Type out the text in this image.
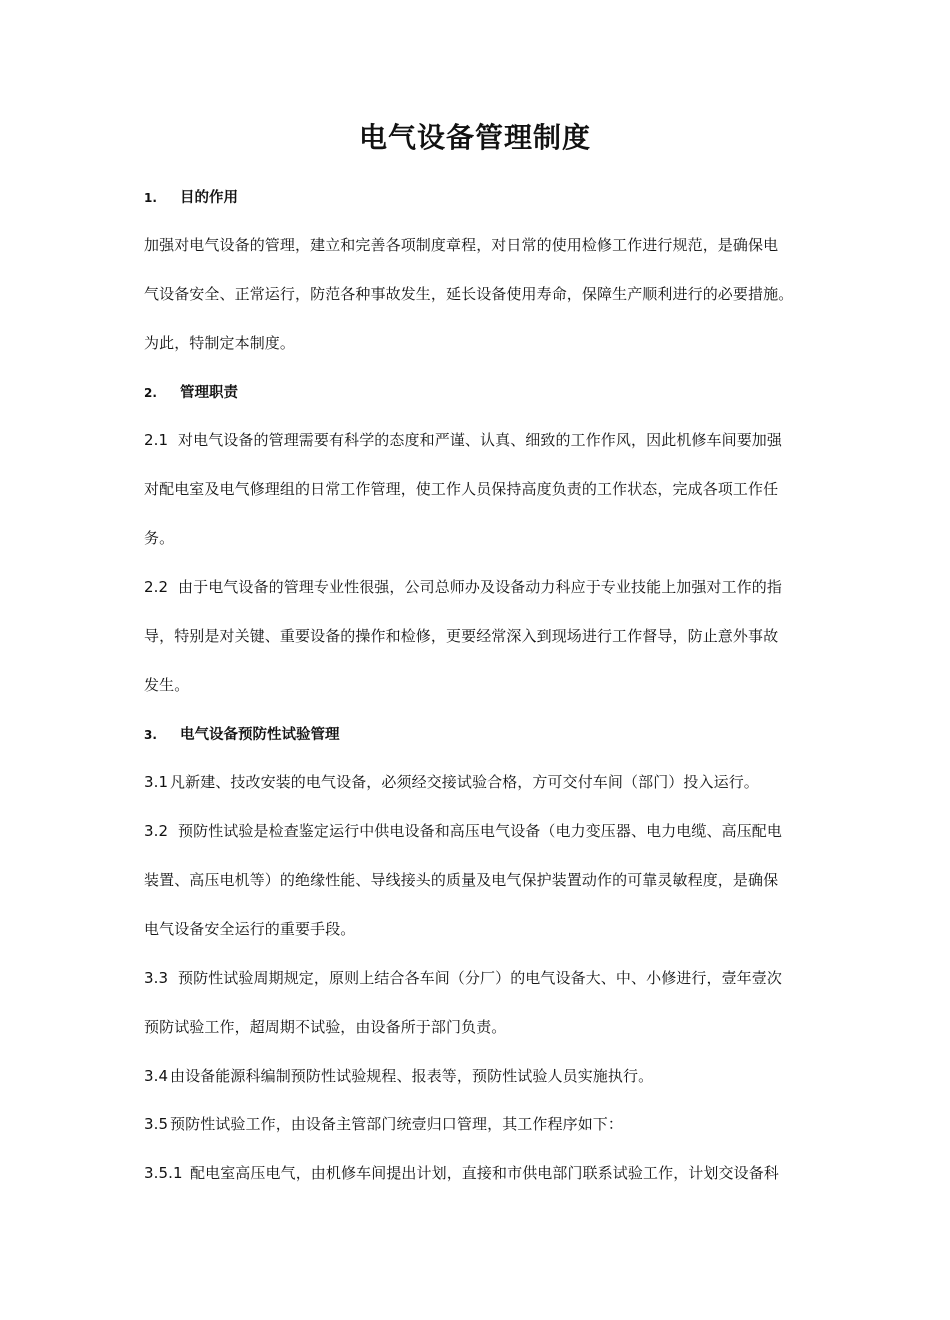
电气设备管理制度
1. 目的作用
加强对电气设备的管理，建立和完善各项制度章程，对日常的使用检修工作进行规范，是确保电
气设备安全、正常运行，防范各种事故发生，延长设备使用寿命，保障生产顺利进行的必要措施。
为此，特制定本制度。
2. 管理职责
2.1 对电气设备的管理需要有科学的态度和严谨、认真、细致的工作作风，因此机修车间要加强
对配电室及电气修理组的日常工作管理，使工作人员保持高度负责的工作状态，完成各项工作任
务。
2.2 由于电气设备的管理专业性很强，公司总师办及设备动力科应于专业技能上加强对工作的指
导，特别是对关键、重要设备的操作和检修，更要经常深入到现场进行工作督导，防止意外事故
发生。
3. 电气设备预防性试验管理
3.1 凡新建、技改安装的电气设备，必须经交接试验合格，方可交付车间（部门）投入运行。
3.2 预防性试验是检查鉴定运行中供电设备和高压电气设备（电力变压器、电力电缆、高压配电
装置、高压电机等）的绝缘性能、导线接头的质量及电气保护装置动作的可靠灵敏程度，是确保
电气设备安全运行的重要手段。
3.3 预防性试验周期规定，原则上结合各车间（分厂）的电气设备大、中、小修进行，壹年壹次
预防试验工作，超周期不试验，由设备所于部门负责。
3.4 由设备能源科编制预防性试验规程、报表等，预防性试验人员实施执行。
3.5 预防性试验工作，由设备主管部门统壹归口管理，其工作程序如下：
3.5.1 配电室高压电气，由机修车间提出计划，直接和市供电部门联系试验工作，计划交设备科
